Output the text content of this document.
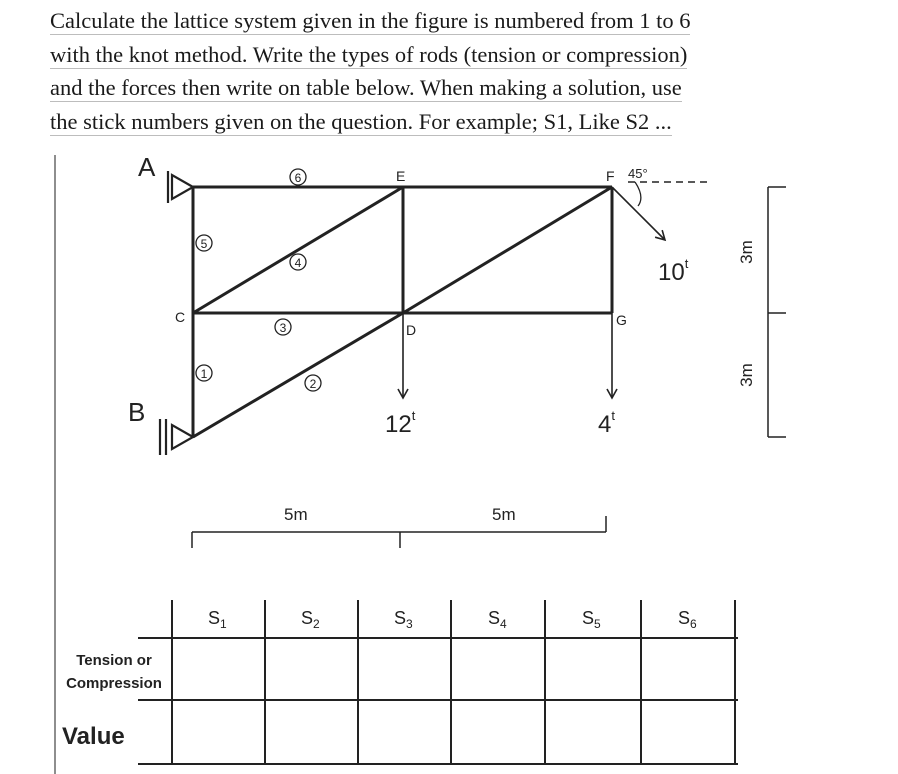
Calculate the lattice system given in the figure is numbered from 1 to 6
with the knot method. Write the types of rods (tension or compression)
and the forces then write on table below. When making a solution, use
the stick numbers given on the question. For example; S1, Like S2 ...
A
B
C
D
E	F
G
1
2
3
4
5
6	45°
10$^t$
12$^t$	4$^t$
5m	5m
3m
3m
$S_1$	$S_2$	$S_3$	$S_4$	$S_5$	$S_6$
Tension or
Compression
Value
